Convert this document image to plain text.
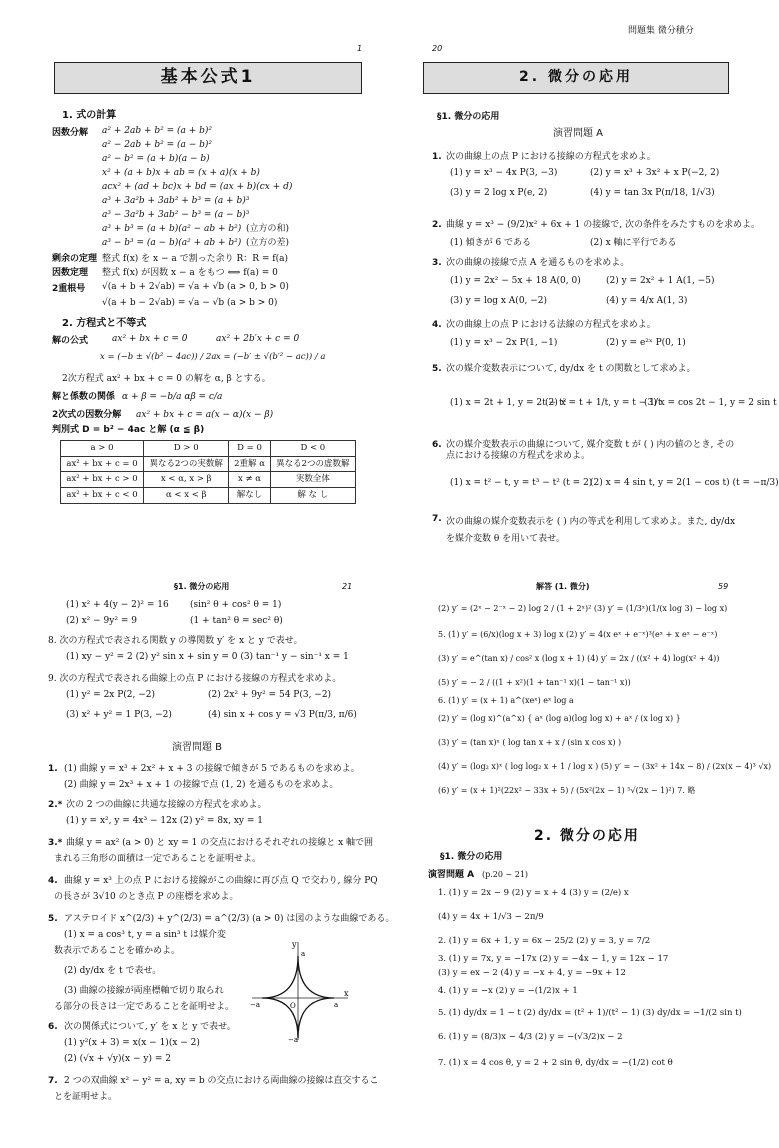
問題集 微分積分
1
基本公式1
1. 式の計算
因数分解 a² + 2ab + b² = (a + b)²
a² − 2ab + b² = (a − b)²
a² − b² = (a + b)(a − b)
x² + (a + b)x + ab = (x + a)(x + b)
acx² + (ad + bc)x + bd = (ax + b)(cx + d)
a³ + 3a²b + 3ab² + b³ = (a + b)³
a³ − 3a²b + 3ab² − b³ = (a − b)³
a³ + b³ = (a + b)(a² − ab + b²)
a³ − b³ = (a − b)(a² + ab + b²)
(立方の和)
(立方の差)
剰余の定理 整式 f(x) を x − a で割った余り R：R = f(a)
因数定理 整式 f(x) が因数 x − a をもつ ⟺ f(a) = 0
2重根号 √(a + b + 2√ab) = √a + √b (a > 0, b > 0)
√(a + b − 2√ab) = √a − √b (a > b > 0)
2. 方程式と不等式
解の公式	ax² + bx + c = 0	ax² + 2b′x + c = 0
x = (−b ± √(b² − 4ac)) / 2a x = (−b′ ± √(b′² − ac)) / a
2次方程式 ax² + bx + c = 0 の解を α, β とする。
解と係数の関係 α + β = −b/a αβ = c/a
2次式の因数分解 ax² + bx + c = a(x − α)(x − β)
判別式 D = b² − 4ac と解 (α ≦ β)
a > 0	D > 0	D = 0	D < 0
ax² + bx + c = 0	異なる2つの実数解	2重解 α	異なる2つの虚数解
ax² + bx + c > 0	x < α, x > β	x ≠ α	実数全体
ax² + bx + c < 0	α < x < β	解なし	解 な し
20
2. 微分の応用
§1. 微分の応用
演習問題 A
1. 次の曲線上の点 P における接線の方程式を求めよ。
(1) y = x³ − 4x P(3, −3)	(2) y = x³ + 3x² + x P(−2, 2)
(3) y = 2 log x P(e, 2)	(4) y = tan 3x P(π/18, 1/√3)
2. 曲線 y = x³ − (9/2)x² + 6x + 1 の接線で, 次の条件をみたすものを求めよ。
(1) 傾きが 6 である	(2) x 軸に平行である
3. 次の曲線の接線で点 A を通るものを求めよ。
(1) y = 2x² − 5x + 18 A(0, 0)	(2) y = 2x² + 1 A(1, −5)
(3) y = log x A(0, −2)	(4) y = 4/x A(1, 3)
4. 次の曲線上の点 P における法線の方程式を求めよ。
(1) y = x³ − 2x P(1, −1)	(2) y = e²ˣ P(0, 1)
5. 次の媒介変数表示について, dy/dx を t の関数として求めよ。
(1) x = 2t + 1, y = 2t − t²
(2) x = t + 1/t, y = t − 1/t
(3) x = cos 2t − 1, y = 2 sin t
6. 次の媒介変数表示の曲線について, 媒介変数 t が ( ) 内の値のとき, その点における接線の方程式を求めよ。
(1) x = t² − t, y = t³ − t² (t = 2)
(2) x = 4 sin t, y = 2(1 − cos t) (t = −π/3)
7. 次の曲線の媒介変数表示を ( ) 内の等式を利用して求めよ。また, dy/dx を媒介変数 θ を用いて表せ。
§1. 微分の応用	21
(1) x² + 4(y − 2)² = 16 (sin² θ + cos² θ = 1)
(2) x² − 9y² = 9	(1 + tan² θ = sec² θ)
8. 次の方程式で表される関数 y の導関数 y′ を x と y で表せ。
(1) xy − y² = 2 (2) y² sin x + sin y = 0 (3) tan⁻¹ y − sin⁻¹ x = 1
9. 次の方程式で表される曲線上の点 P における接線の方程式を求めよ。
(1) y² = 2x P(2, −2)	(2) 2x² + 9y² = 54 P(3, −2)
(3) x² + y² = 1 P(3, −2)	(4) sin x + cos y = √3 P(π/3, π/6)
演習問題 B
1. (1) 曲線 y = x³ + 2x² + x + 3 の接線で傾きが 5 であるものを求めよ。
(2) 曲線 y = 2x³ + x + 1 の接線で点 (1, 2) を通るものを求めよ。
2.* 次の 2 つの曲線に共通な接線の方程式を求めよ。
(1) y = x², y = 4x³ − 12x (2) y² = 8x, xy = 1
3.* 曲線 y = ax² (a > 0) と xy = 1 の交点におけるそれぞれの接線と x 軸で囲
まれる三角形の面積は一定であることを証明せよ。
4. 曲線 y = x³ 上の点 P における接線がこの曲線に再び点 Q で交わり, 線分 PQ
の長さが 3√10 のとき点 P の座標を求めよ。
5. アステロイド x^(2/3) + y^(2/3) = a^(2/3) (a > 0) は図のような曲線である。
(1) x = a cos³ t, y = a sin³ t は媒介変
数表示であることを確かめよ。
(2) dy/dx を t で表せ。
(3) 曲線の接線が両座標軸で切り取られ
る部分の長さは一定であることを証明せよ。
6. 次の関係式について, y′ を x と y で表せ。
(1) y²(x + 3) = x(x − 1)(x − 2)
(2) (√x + √y)(x − y) = 2
7. 2 つの双曲線 x² − y² = a, xy = b の交点における両曲線の接線は直交するこ
とを証明せよ。
y
x
a
a
−a
−a
O
解答 (1. 微分)	59
(2) y′ = (2ˣ − 2⁻ˣ − 2) log 2 / (1 + 2ˣ)² (3) y′ = (1/3ˣ)(1/(x log 3) − log x)
5. (1) y′ = (6/x)(log x + 3) log x (2) y′ = 4(x eˣ + e⁻ˣ)³(eˣ + x eˣ − e⁻ˣ)
(3) y′ = e^(tan x) / cos² x (log x + 1) (4) y′ = 2x / ((x² + 4) log(x² + 4))
(5) y′ = − 2 / ((1 + x²)(1 + tan⁻¹ x)(1 − tan⁻¹ x))
6. (1) y′ = (x + 1) a^(xeˣ) eˣ log a
(2) y′ = (log x)^(a^x) { aˣ (log a)(log log x) + aˣ / (x log x) }
(3) y′ = (tan x)ˣ ( log tan x + x / (sin x cos x) )
(4) y′ = (log₂ x)ˣ ( log log₂ x + 1 / log x ) (5) y′ = − (3x² + 14x − 8) / (2x(x − 4)³ √x)
(6) y′ = (x + 1)²(22x² − 33x + 5) / (5x²(2x − 1) ⁵√(2x − 1)²) 7. 略
2. 微分の応用
§1. 微分の応用
演習問題 A (p.20 ∼ 21)
1. (1) y = 2x − 9 (2) y = x + 4 (3) y = (2/e) x
(4) y = 4x + 1/√3 − 2π/9
2. (1) y = 6x + 1, y = 6x − 25/2 (2) y = 3, y = 7/2
3. (1) y = 7x, y = −17x (2) y = −4x − 1, y = 12x − 17
(3) y = ex − 2 (4) y = −x + 4, y = −9x + 12
4. (1) y = −x (2) y = −(1/2)x + 1
5. (1) dy/dx = 1 − t (2) dy/dx = (t² + 1)/(t² − 1) (3) dy/dx = −1/(2 sin t)
6. (1) y = (8/3)x − 4/3 (2) y = −(√3/2)x − 2
7. (1) x = 4 cos θ, y = 2 + 2 sin θ, dy/dx = −(1/2) cot θ
